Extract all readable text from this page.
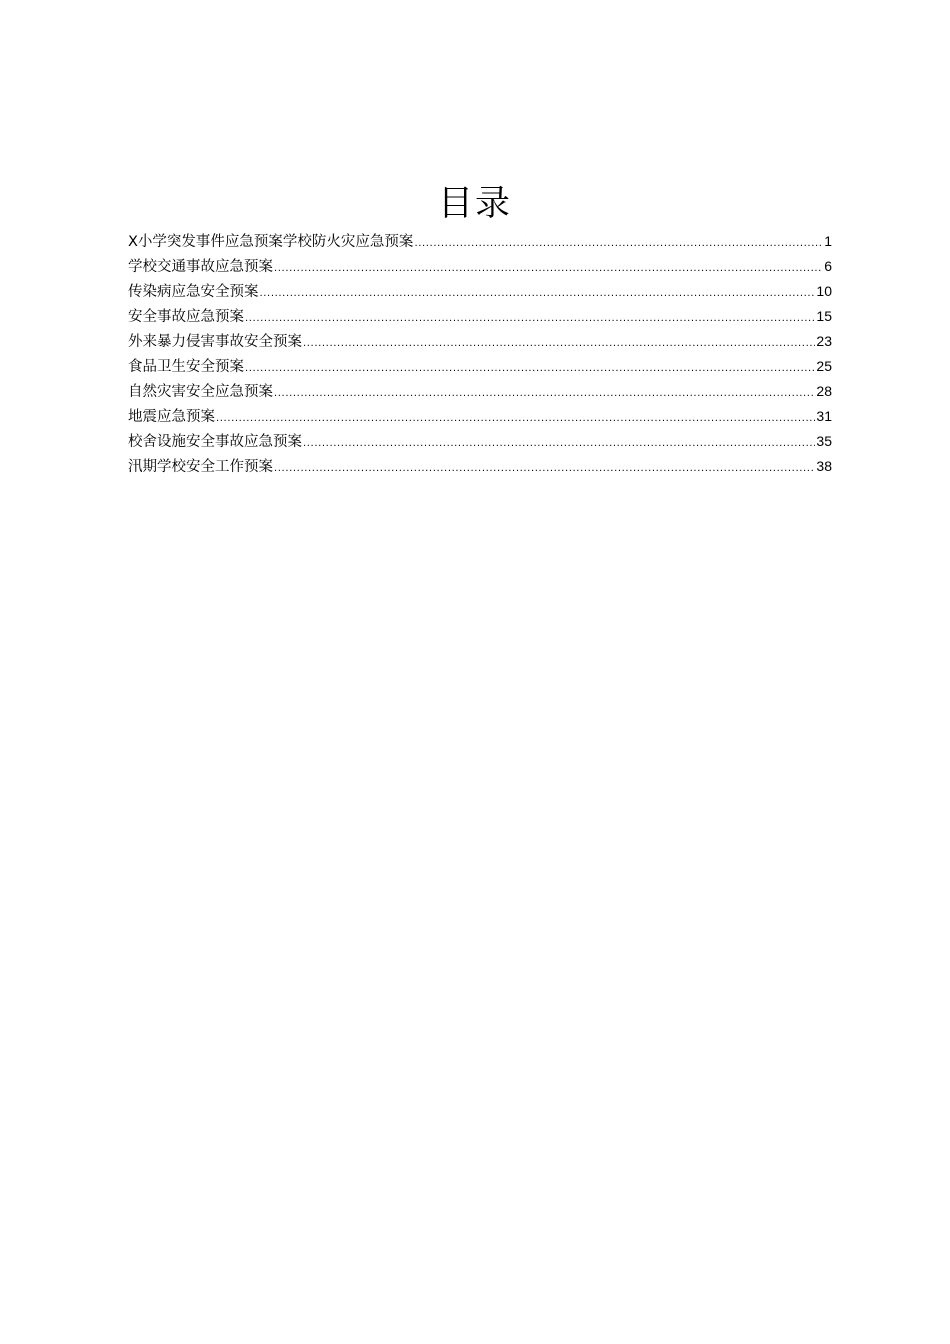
目录
X小学突发事件应急预案学校防火灾应急预案 .....	1
学校交通事故应急预案 .....	6
传染病应急安全预案 .....	10
安全事故应急预案 .....	15
外来暴力侵害事故安全预案 .....	23
食品卫生安全预案 .....	25
自然灾害安全应急预案 .....	28
地震应急预案 .....	31
校舍设施安全事故应急预案 .....	35
汛期学校安全工作预案 .....	38
